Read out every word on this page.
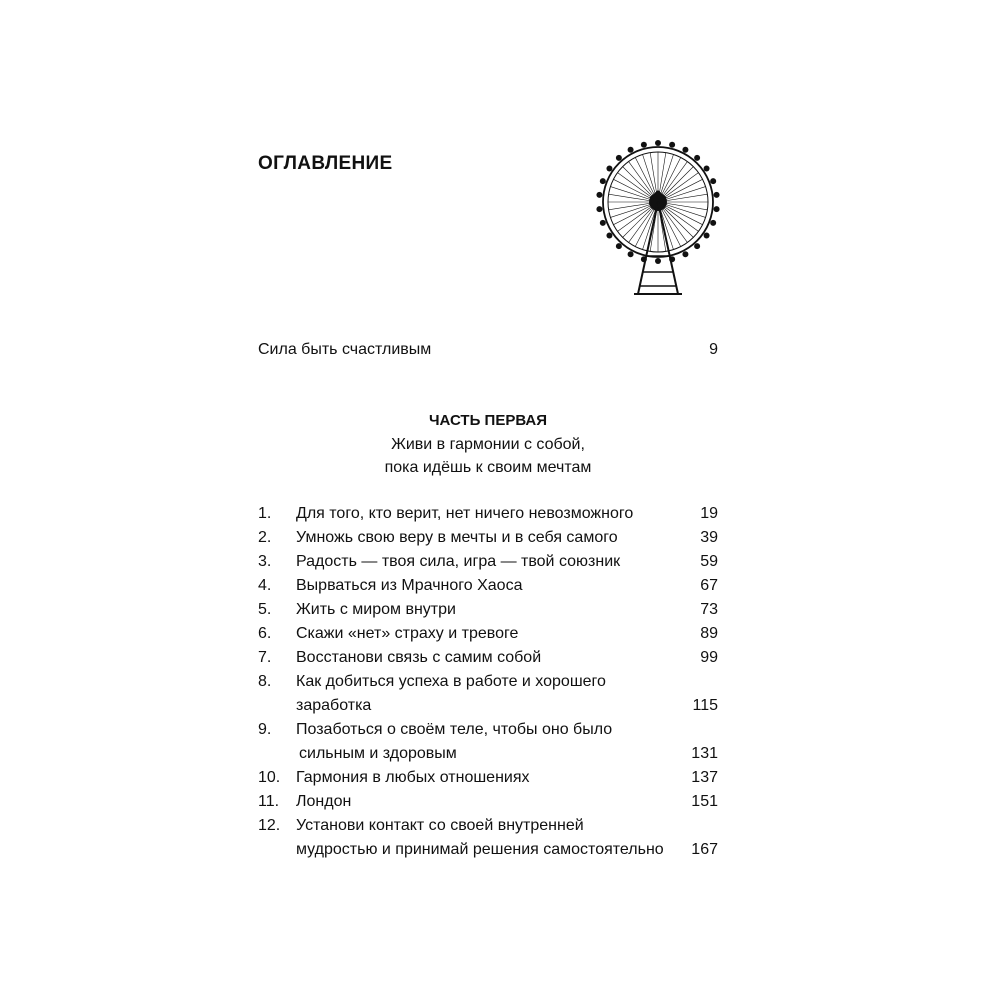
ОГЛАВЛЕНИЕ
Сила быть счастливым	9
ЧАСТЬ ПЕРВАЯ
Живи в гармонии с собой,
пока идёшь к своим мечтам
1. Для того, кто верит, нет ничего невозможного	19
2. Умножь свою веру в мечты и в себя самого	39
3. Радость — твоя сила, игра — твой союзник	59
4. Вырваться из Мрачного Хаоса	67
5. Жить с миром внутри	73
6. Скажи «нет» страху и тревоге	89
7. Восстанови связь с самим собой	99
8. Как добиться успеха в работе и хорошего
заработка	115
9. Позаботься о своём теле, чтобы оно было
сильным и здоровым	131
10. Гармония в любых отношениях	137
11. Лондон	151
12. Установи контакт со своей внутренней
мудростью и принимай решения самостоятельно 167
